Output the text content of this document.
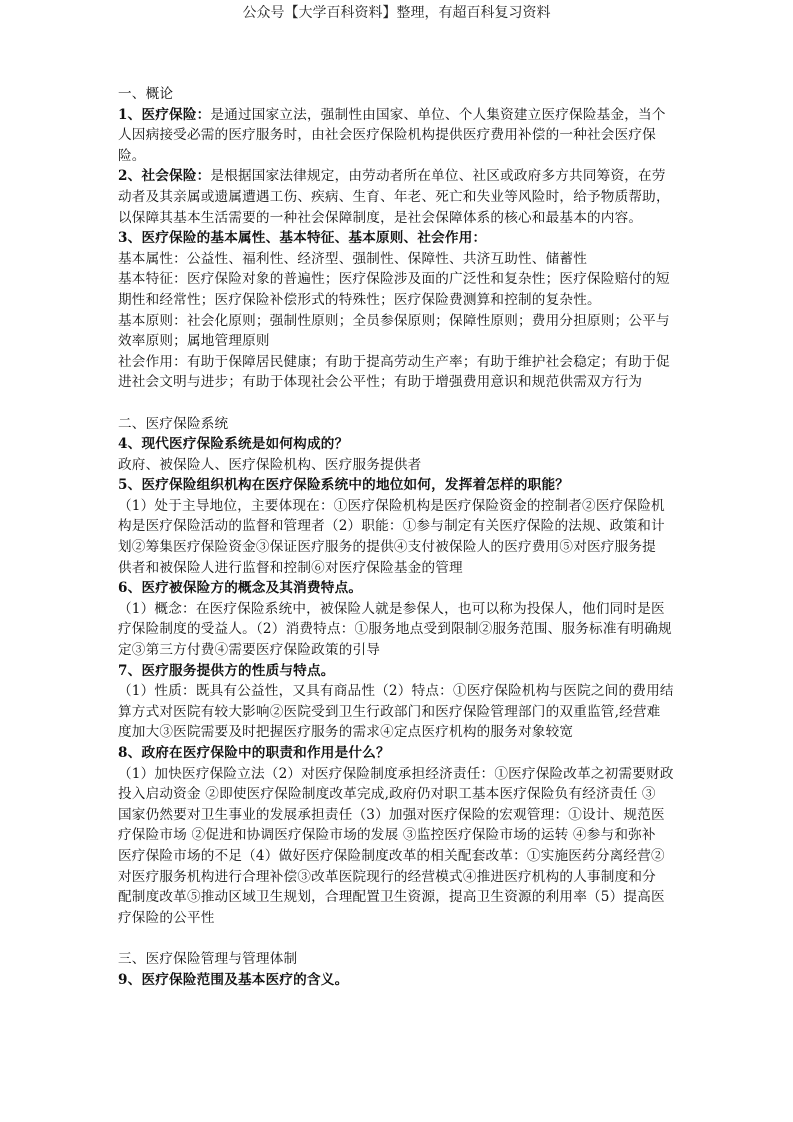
公众号【大学百科资料】整理，有超百科复习资料
一、概论
1、医疗保险：是通过国家立法，强制性由国家、单位、个人集资建立医疗保险基金，当个
人因病接受必需的医疗服务时，由社会医疗保险机构提供医疗费用补偿的一种社会医疗保
险。
2、社会保险：是根据国家法律规定，由劳动者所在单位、社区或政府多方共同筹资，在劳
动者及其亲属或遗属遭遇工伤、疾病、生育、年老、死亡和失业等风险时，给予物质帮助，
以保障其基本生活需要的一种社会保障制度，是社会保障体系的核心和最基本的内容。
3、医疗保险的基本属性、基本特征、基本原则、社会作用：
基本属性：公益性、福利性、经济型、强制性、保障性、共济互助性、储蓄性
基本特征：医疗保险对象的普遍性；医疗保险涉及面的广泛性和复杂性；医疗保险赔付的短
期性和经常性；医疗保险补偿形式的特殊性；医疗保险费测算和控制的复杂性。
基本原则：社会化原则；强制性原则；全员参保原则；保障性原则；费用分担原则；公平与
效率原则；属地管理原则
社会作用：有助于保障居民健康；有助于提高劳动生产率；有助于维护社会稳定；有助于促
进社会文明与进步；有助于体现社会公平性；有助于增强费用意识和规范供需双方行为
二、医疗保险系统
4、现代医疗保险系统是如何构成的？
政府、被保险人、医疗保险机构、医疗服务提供者
5、医疗保险组织机构在医疗保险系统中的地位如何，发挥着怎样的职能？
（1）处于主导地位，主要体现在：①医疗保险机构是医疗保险资金的控制者②医疗保险机
构是医疗保险活动的监督和管理者（2）职能：①参与制定有关医疗保险的法规、政策和计
划②筹集医疗保险资金③保证医疗服务的提供④支付被保险人的医疗费用⑤对医疗服务提
供者和被保险人进行监督和控制⑥对医疗保险基金的管理
6、医疗被保险方的概念及其消费特点。
（1）概念：在医疗保险系统中，被保险人就是参保人，也可以称为投保人，他们同时是医
疗保险制度的受益人。（2）消费特点：①服务地点受到限制②服务范围、服务标准有明确规
定③第三方付费④需要医疗保险政策的引导
7、医疗服务提供方的性质与特点。
（1）性质：既具有公益性，又具有商品性（2）特点：①医疗保险机构与医院之间的费用结
算方式对医院有较大影响②医院受到卫生行政部门和医疗保险管理部门的双重监管,经营难
度加大③医院需要及时把握医疗服务的需求④定点医疗机构的服务对象较宽
8、政府在医疗保险中的职责和作用是什么？
（1）加快医疗保险立法（2）对医疗保险制度承担经济责任：①医疗保险改革之初需要财政
投入启动资金 ②即使医疗保险制度改革完成,政府仍对职工基本医疗保险负有经济责任 ③
国家仍然要对卫生事业的发展承担责任（3）加强对医疗保险的宏观管理：①设计、规范医
疗保险市场 ②促进和协调医疗保险市场的发展 ③监控医疗保险市场的运转 ④参与和弥补
医疗保险市场的不足（4）做好医疗保险制度改革的相关配套改革：①实施医药分离经营②
对医疗服务机构进行合理补偿③改革医院现行的经营模式④推进医疗机构的人事制度和分
配制度改革⑤推动区域卫生规划，合理配置卫生资源，提高卫生资源的利用率（5）提高医
疗保险的公平性
三、医疗保险管理与管理体制
9、医疗保险范围及基本医疗的含义。
